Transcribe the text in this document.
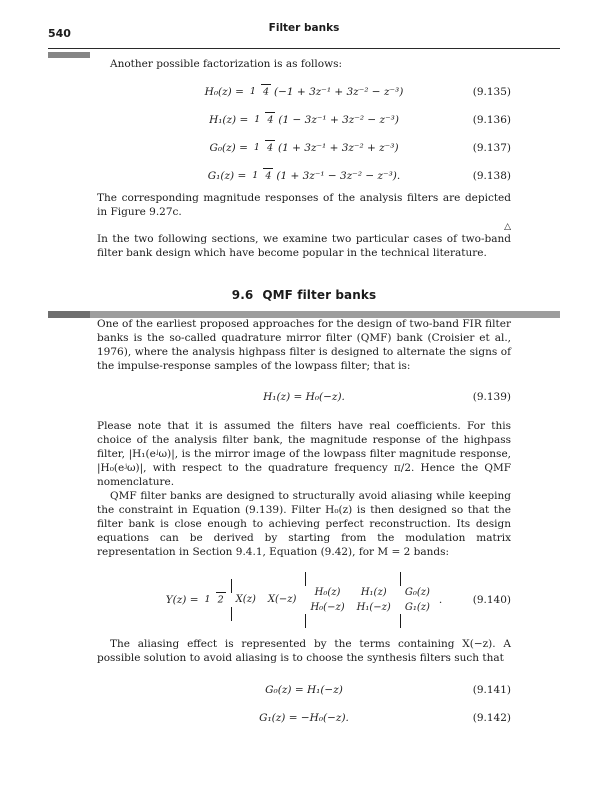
540	Filter banks

Another possible factorization is as follows:

H₀(z) = 1 4 (−1 + 3z⁻¹ + 3z⁻² − z⁻³)	(9.135)
H₁(z) = 1 4 (1 − 3z⁻¹ + 3z⁻² − z⁻³)	(9.136)
G₀(z) = 1 4 (1 + 3z⁻¹ + 3z⁻² + z⁻³)	(9.137)
G₁(z) = 1 4 (1 + 3z⁻¹ − 3z⁻² − z⁻³).	(9.138)

The corresponding magnitude responses of the analysis filters are depicted in Figure 9.27c.

△

In the two following sections, we examine two particular cases of two-band filter bank design which have become popular in the technical literature.

9.6 QMF filter banks

One of the earliest proposed approaches for the design of two-band FIR filter banks is the so-called quadrature mirror filter (QMF) bank (Croisier et al., 1976), where the analysis highpass filter is designed to alternate the signs of the impulse-response samples of the lowpass filter; that is:

H₁(z) = H₀(−z).	(9.139)

Please note that it is assumed the filters have real coefficients. For this choice of the analysis filter bank, the magnitude response of the highpass filter, |H₁(eʲω)|, is the mirror image of the lowpass filter magnitude response, |H₀(eʲω)|, with respect to the quadrature frequency π/2. Hence the QMF nomenclature.

QMF filter banks are designed to structurally avoid aliasing while keeping the constraint in Equation (9.139). Filter H₀(z) is then designed so that the filter bank is close enough to achieving perfect reconstruction. Its design equations can be derived by starting from the modulation matrix representation in Section 9.4.1, Equation (9.42), for M = 2 bands:

Y(z) = 1 2 X(z) X(−z)
H₀(z) H₁(z)
H₀(−z) H₁(−z)
G₀(z)
G₁(z)
.	(9.140)

The aliasing effect is represented by the terms containing X(−z). A possible solution to avoid aliasing is to choose the synthesis filters such that

G₀(z) = H₁(−z)	(9.141)
G₁(z) = −H₀(−z).	(9.142)
